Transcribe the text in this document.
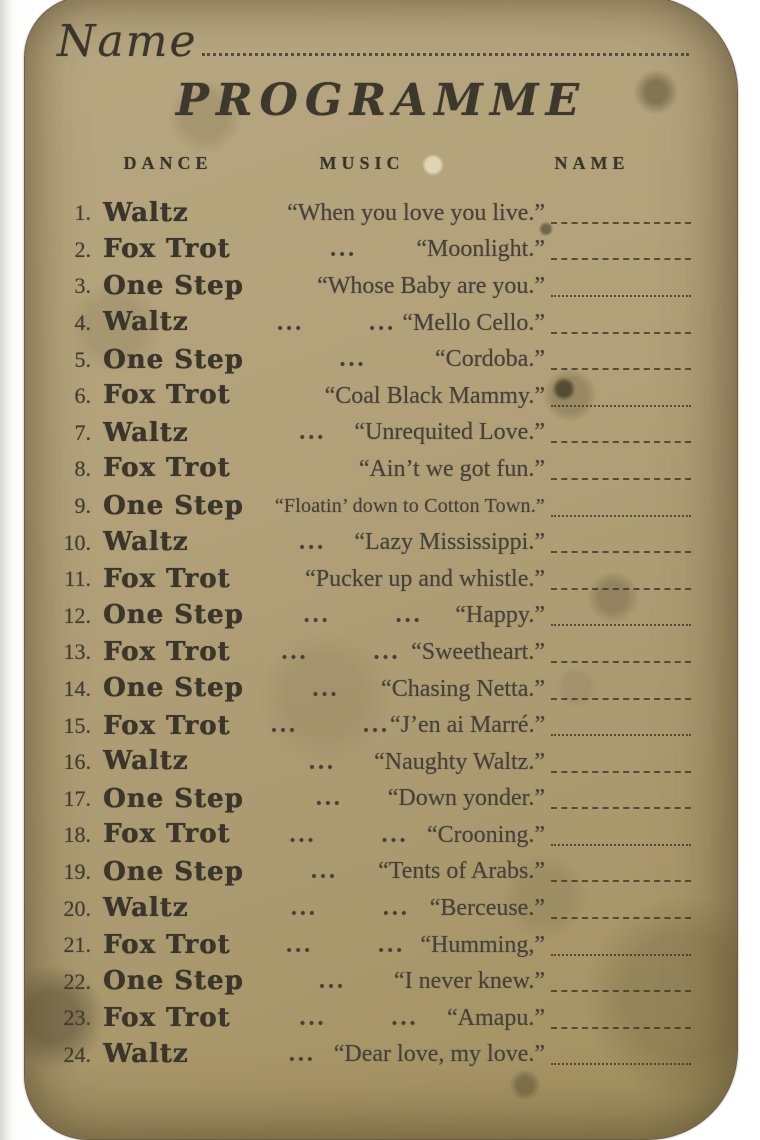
Name
PROGRAMME
DANCE	MUSIC	NAME
1. Waltz	“When you love you live.”
2. Fox Trot	...	“Moonlight.”
3. One Step	“Whose Baby are you.”
4. Waltz	... ... “Mello Cello.”
5. One Step	...	“Cordoba.”
6. Fox Trot	“Coal Black Mammy.”
7. Waltz	...	“Unrequited Love.”
8. Fox Trot	“Ain’t we got fun.”
9. One Step	“Floatin’ down to Cotton Town.”
10. Waltz	...	“Lazy Mississippi.”
11. Fox Trot	“Pucker up and whistle.”
12. One Step	... ...	“Happy.”
13. Fox Trot	... ... “Sweetheart.”
14. One Step	...	“Chasing Netta.”
15. Fox Trot	... ... “J’en ai Marré.”
16. Waltz	...	“Naughty Waltz.”
17. One Step	...	“Down yonder.”
18. Fox Trot	... ... “Crooning.”
19. One Step	...	“Tents of Arabs.”
20. Waltz	... ... “Berceuse.”
21. Fox Trot	... ... “Humming,”
22. One Step	...	“I never knew.”
23. Fox Trot	... ...	“Amapu.”
24. Waltz	... “Dear love, my love.”
